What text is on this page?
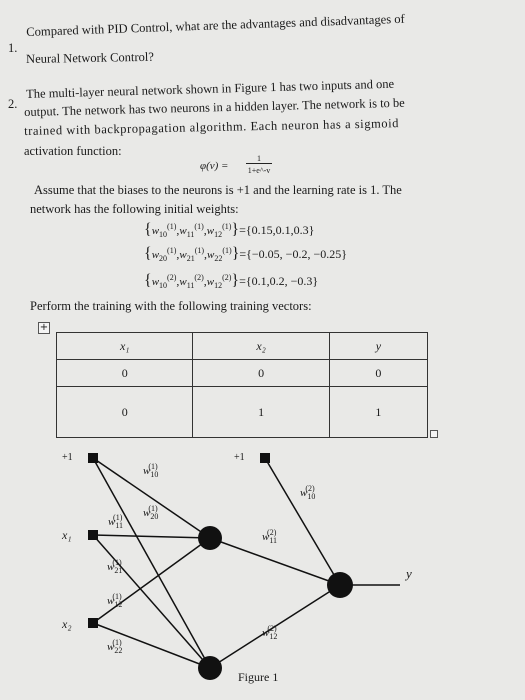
1.
Compared with PID Control, what are the advantages and disadvantages of
Neural Network Control?
2.
The multi-layer neural network shown in Figure 1 has two inputs and one
output. The network has two neurons in a hidden layer. The network is to be
trained with backpropagation algorithm. Each neuron has a sigmoid
activation function:
φ(v) =
1
1+e^-v
Assume that the biases to the neurons is +1 and the learning rate is 1. The
network has the following initial weights:
$\{w_{10}^{(1)},w_{11}^{(1)},w_{12}^{(1)}\}=\{0.15,0.1,0.3\}$
$\{w_{20}^{(1)},w_{21}^{(1)},w_{22}^{(1)}\}=\{-0.05$, −0.2, −0.25}
$\{w_{10}^{(2)},w_{11}^{(2)},w_{12}^{(2)}\}=\{0.1,0.2$, −0.3}
Perform the training with the following training vectors:
+
x₁	x₂	y
0	0	0
0	1	1
+1	+1
x₁
x₂
y
$w_{10}^{(1)}$
$w_{20}^{(1)}$
$w_{11}^{(1)}$
$w_{21}^{(1)}$
$w_{12}^{(1)}$
$w_{22}^{(1)}$
$w_{10}^{(2)}$
$w_{11}^{(2)}$
$w_{12}^{(2)}$
Figure 1
